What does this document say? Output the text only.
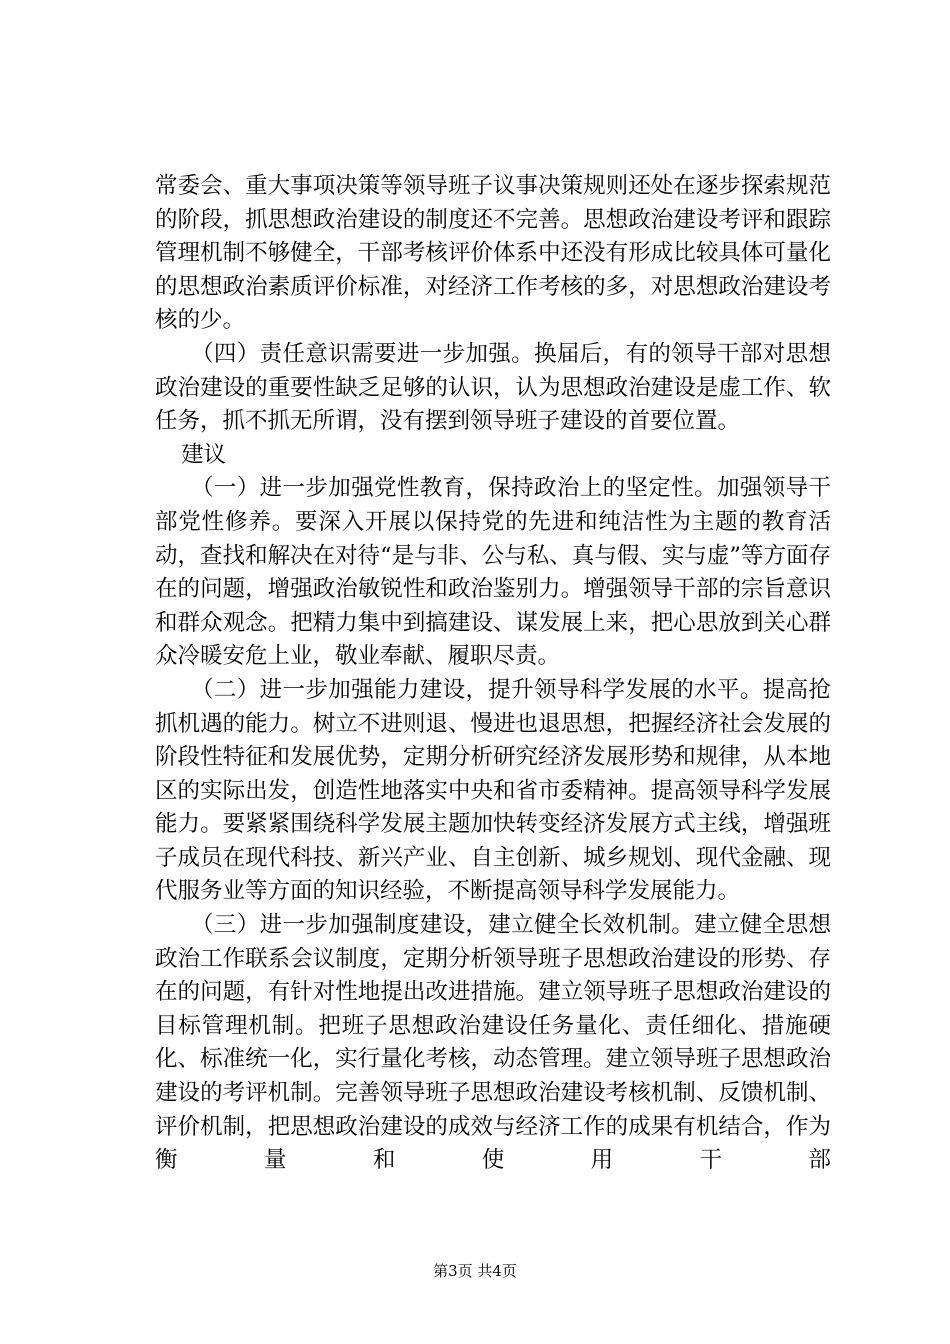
常委会、重大事项决策等领导班子议事决策规则还处在逐步探索规范的阶段，抓思想政治建设的制度还不完善。思想政治建设考评和跟踪管理机制不够健全，干部考核评价体系中还没有形成比较具体可量化的思想政治素质评价标准，对经济工作考核的多，对思想政治建设考核的少。

（四）责任意识需要进一步加强。换届后，有的领导干部对思想政治建设的重要性缺乏足够的认识，认为思想政治建设是虚工作、软任务，抓不抓无所谓，没有摆到领导班子建设的首要位置。

建议

（一）进一步加强党性教育，保持政治上的坚定性。加强领导干部党性修养。要深入开展以保持党的先进和纯洁性为主题的教育活动，查找和解决在对待“是与非、公与私、真与假、实与虚”等方面存在的问题，增强政治敏锐性和政治鉴别力。增强领导干部的宗旨意识和群众观念。把精力集中到搞建设、谋发展上来，把心思放到关心群众冷暖安危上业，敬业奉献、履职尽责。

（二）进一步加强能力建设，提升领导科学发展的水平。提高抢抓机遇的能力。树立不进则退、慢进也退思想，把握经济社会发展的阶段性特征和发展优势，定期分析研究经济发展形势和规律，从本地区的实际出发，创造性地落实中央和省市委精神。提高领导科学发展能力。要紧紧围绕科学发展主题加快转变经济发展方式主线，增强班子成员在现代科技、新兴产业、自主创新、城乡规划、现代金融、现代服务业等方面的知识经验，不断提高领导科学发展能力。

（三）进一步加强制度建设，建立健全长效机制。建立健全思想政治工作联系会议制度，定期分析领导班子思想政治建设的形势、存在的问题，有针对性地提出改进措施。建立领导班子思想政治建设的目标管理机制。把班子思想政治建设任务量化、责任细化、措施硬化、标准统一化，实行量化考核，动态管理。建立领导班子思想政治建设的考评机制。完善领导班子思想政治建设考核机制、反馈机制、评价机制，把思想政治建设的成效与经济工作的成果有机结合，作为衡量和使用干部

第3页 共4页
